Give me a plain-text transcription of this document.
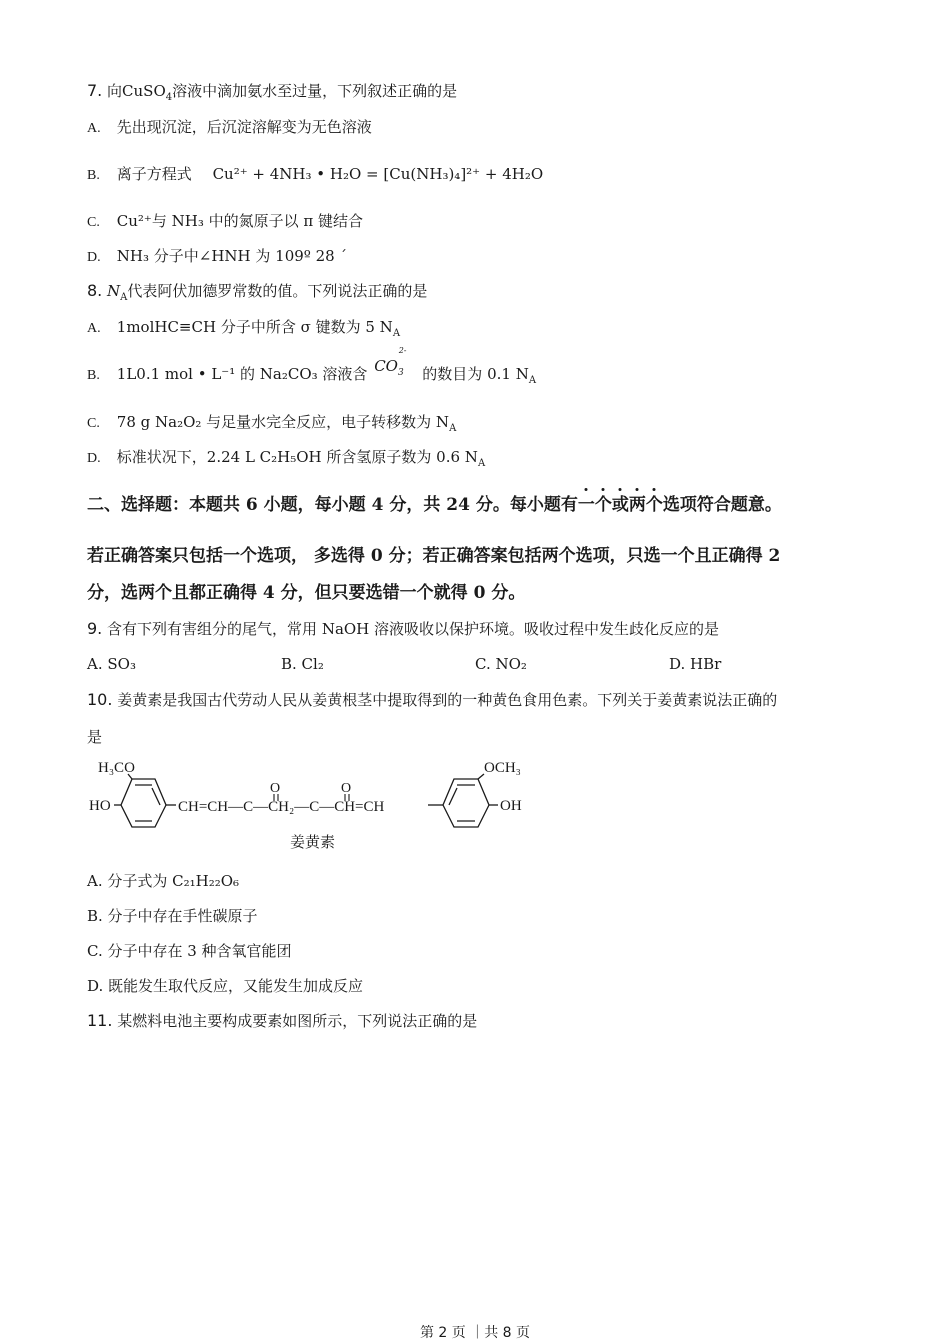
7. 向CuSO$_4$溶液中滴加氨水至过量，下列叙述正确的是
A. 先出现沉淀，后沉淀溶解变为无色溶液
B. 离子方程式 Cu²⁺ + 4NH₃ • H₂O = [Cu(NH₃)₄]²⁺ + 4H₂O
C. Cu²⁺与 NH₃ 中的氮原子以 π 键结合
D. NH₃ 分子中∠HNH 为 109º 28 ´
8. $N_A$代表阿伏加德罗常数的值。下列说法正确的是
A. 1molHC≡CH 分子中所含 σ 键数为 5 $N_A$
B. 1L0.1 mol • L⁻¹ 的 Na₂CO₃ 溶液含 $CO_3^{2-}$ 的数目为 0.1 $N_A$
C. 78 g Na₂O₂ 与足量水完全反应，电子转移数为 $N_A$
D. 标准状况下，2.24 L C₂H₅OH 所含氢原子数为 0.6 $N_A$
二、选择题：本题共 6 小题，每小题 4 分，共 24 分。每小题有一个或两个选项符合题意。
若正确答案只包括一个选项， 多选得 0 分；若正确答案包括两个选项，只选一个且正确得 2
分，选两个且都正确得 4 分，但只要选错一个就得 0 分。
9. 含有下列有害组分的尾气，常用 NaOH 溶液吸收以保护环境。吸收过程中发生歧化反应的是
A. SO₃	B. Cl₂	C. NO₂	D. HBr
10. 姜黄素是我国古代劳动人民从姜黄根茎中提取得到的一种黄色食用色素。下列关于姜黄素说法正确的
是
H₃CO
HO	CH=CH—C—CH₂—C—CH=CH
O	O
OCH₃
OH
姜黄素
A. 分子式为 C₂₁H₂₂O₆
B. 分子中存在手性碳原子
C. 分子中存在 3 种含氧官能团
D. 既能发生取代反应，又能发生加成反应
11. 某燃料电池主要构成要素如图所示，下列说法正确的是
第 2 页 ｜共 8 页
